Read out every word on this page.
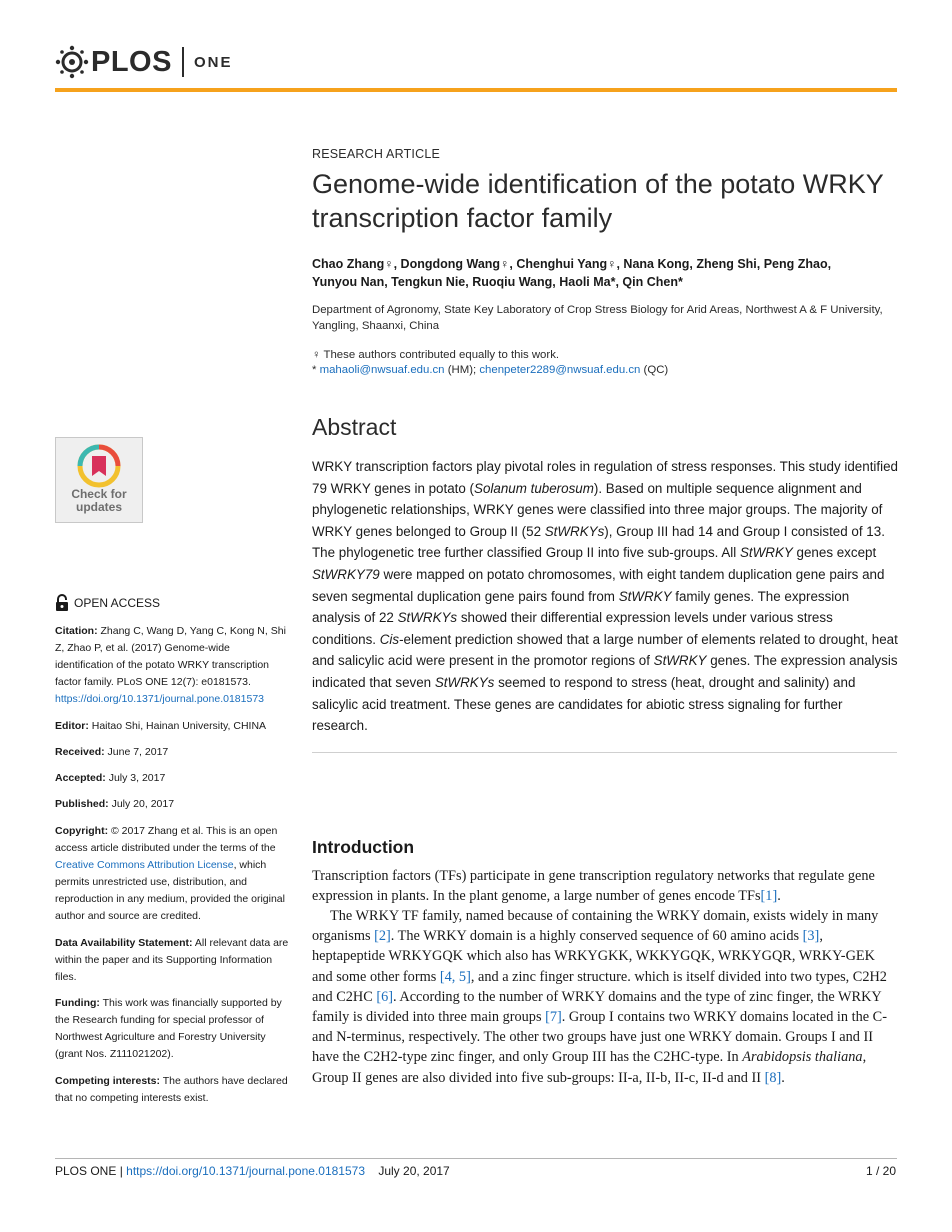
PLOS ONE
RESEARCH ARTICLE
Genome-wide identification of the potato WRKY transcription factor family
Chao Zhang♀, Dongdong Wang♀, Chenghui Yang♀, Nana Kong, Zheng Shi, Peng Zhao,
Yunyou Nan, Tengkun Nie, Ruoqiu Wang, Haoli Ma*, Qin Chen*
Department of Agronomy, State Key Laboratory of Crop Stress Biology for Arid Areas, Northwest A & F University, Yangling, Shaanxi, China
♀ These authors contributed equally to this work.
* mahaoli@nwsuaf.edu.cn (HM); chenpeter2289@nwsuaf.edu.cn (QC)
Abstract

WRKY transcription factors play pivotal roles in regulation of stress responses. This study identified 79 WRKY genes in potato (Solanum tuberosum). Based on multiple sequence alignment and phylogenetic relationships, WRKY genes were classified into three major groups. The majority of WRKY genes belonged to Group II (52 StWRKYs), Group III had 14 and Group I consisted of 13. The phylogenetic tree further classified Group II into five sub-groups. All StWRKY genes except StWRKY79 were mapped on potato chromosomes, with eight tandem duplication gene pairs and seven segmental duplication gene pairs found from StWRKY family genes. The expression analysis of 22 StWRKYs showed their differential expression levels under various stress conditions. Cis-element prediction showed that a large number of elements related to drought, heat and salicylic acid were present in the promotor regions of StWRKY genes. The expression analysis indicated that seven StWRKYs seemed to respond to stress (heat, drought and salinity) and salicylic acid treatment. These genes are candidates for abiotic stress signaling for further research.

Introduction

Transcription factors (TFs) participate in gene transcription regulatory networks that regulate gene expression in plants. In the plant genome, a large number of genes encode TFs[1].

The WRKY TF family, named because of containing the WRKY domain, exists widely in many organisms [2]. The WRKY domain is a highly conserved sequence of 60 amino acids [3], heptapeptide WRKYGQK which also has WRKYGKK, WKKYGQK, WRKYGQR, WRKY-GEK and some other forms [4, 5], and a zinc finger structure. which is itself divided into two types, C2H2 and C2HC [6]. According to the number of WRKY domains and the type of zinc finger, the WRKY family is divided into three main groups [7]. Group I contains two WRKY domains located in the C- and N-terminus, respectively. The other two groups have just one WRKY domain. Groups I and II have the C2H2-type zinc finger, and only Group III has the C2HC-type. In Arabidopsis thaliana, Group II genes are also divided into five sub-groups: II-a, II-b, II-c, II-d and II [8].

Check for
updates
OPEN ACCESS
Citation: Zhang C, Wang D, Yang C, Kong N, Shi Z, Zhao P, et al. (2017) Genome-wide identification of the potato WRKY transcription factor family. PLoS ONE 12(7): e0181573. https://doi.org/10.1371/journal.pone.0181573
Editor: Haitao Shi, Hainan University, CHINA
Received: June 7, 2017
Accepted: July 3, 2017
Published: July 20, 2017
Copyright: © 2017 Zhang et al. This is an open access article distributed under the terms of the Creative Commons Attribution License, which permits unrestricted use, distribution, and reproduction in any medium, provided the original author and source are credited.
Data Availability Statement: All relevant data are within the paper and its Supporting Information files.
Funding: This work was financially supported by the Research funding for special professor of Northwest Agriculture and Forestry University (grant Nos. Z111021202).
Competing interests: The authors have declared that no competing interests exist.
PLOS ONE | https://doi.org/10.1371/journal.pone.0181573 July 20, 2017	1 / 20
